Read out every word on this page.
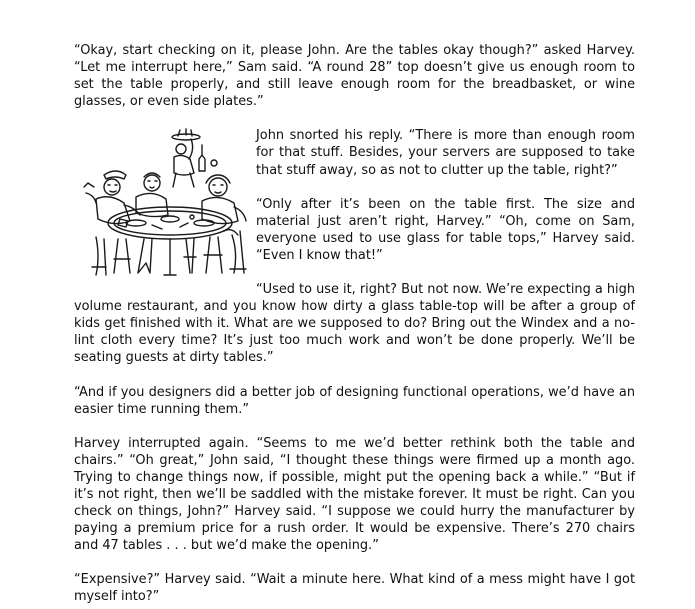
“Okay, start checking on it, please John. Are the tables okay though?” asked Harvey. “Let me interrupt here,” Sam said. “A round 28” top doesn’t give us enough room to set the table properly, and still leave enough room for the breadbasket, or wine glasses, or even side plates.”

John snorted his reply. “There is more than enough room for that stuff. Besides, your servers are supposed to take that stuff away, so as not to clutter up the table, right?”

“Only after it’s been on the table first. The size and material just aren’t right, Harvey.” “Oh, come on Sam, everyone used to use glass for table tops,” Harvey said. “Even I know that!”

“Used to use it, right? But not now. We’re expecting a high volume restaurant, and you know how dirty a glass table-top will be after a group of kids get finished with it. What are we supposed to do? Bring out the Windex and a no-lint cloth every time? It’s just too much work and won’t be done properly. We’ll be seating guests at dirty tables.”

“And if you designers did a better job of designing functional operations, we’d have an easier time running them.”

Harvey interrupted again. “Seems to me we’d better rethink both the table and chairs.” “Oh great,” John said, “I thought these things were firmed up a month ago. Trying to change things now, if possible, might put the opening back a while.” “But if it’s not right, then we’ll be saddled with the mistake forever. It must be right. Can you check on things, John?” Harvey said. “I suppose we could hurry the manufacturer by paying a premium price for a rush order. It would be expensive. There’s 270 chairs and 47 tables . . . but we’d make the opening.”

“Expensive?” Harvey said. “Wait a minute here. What kind of a mess might have I got myself into?”
